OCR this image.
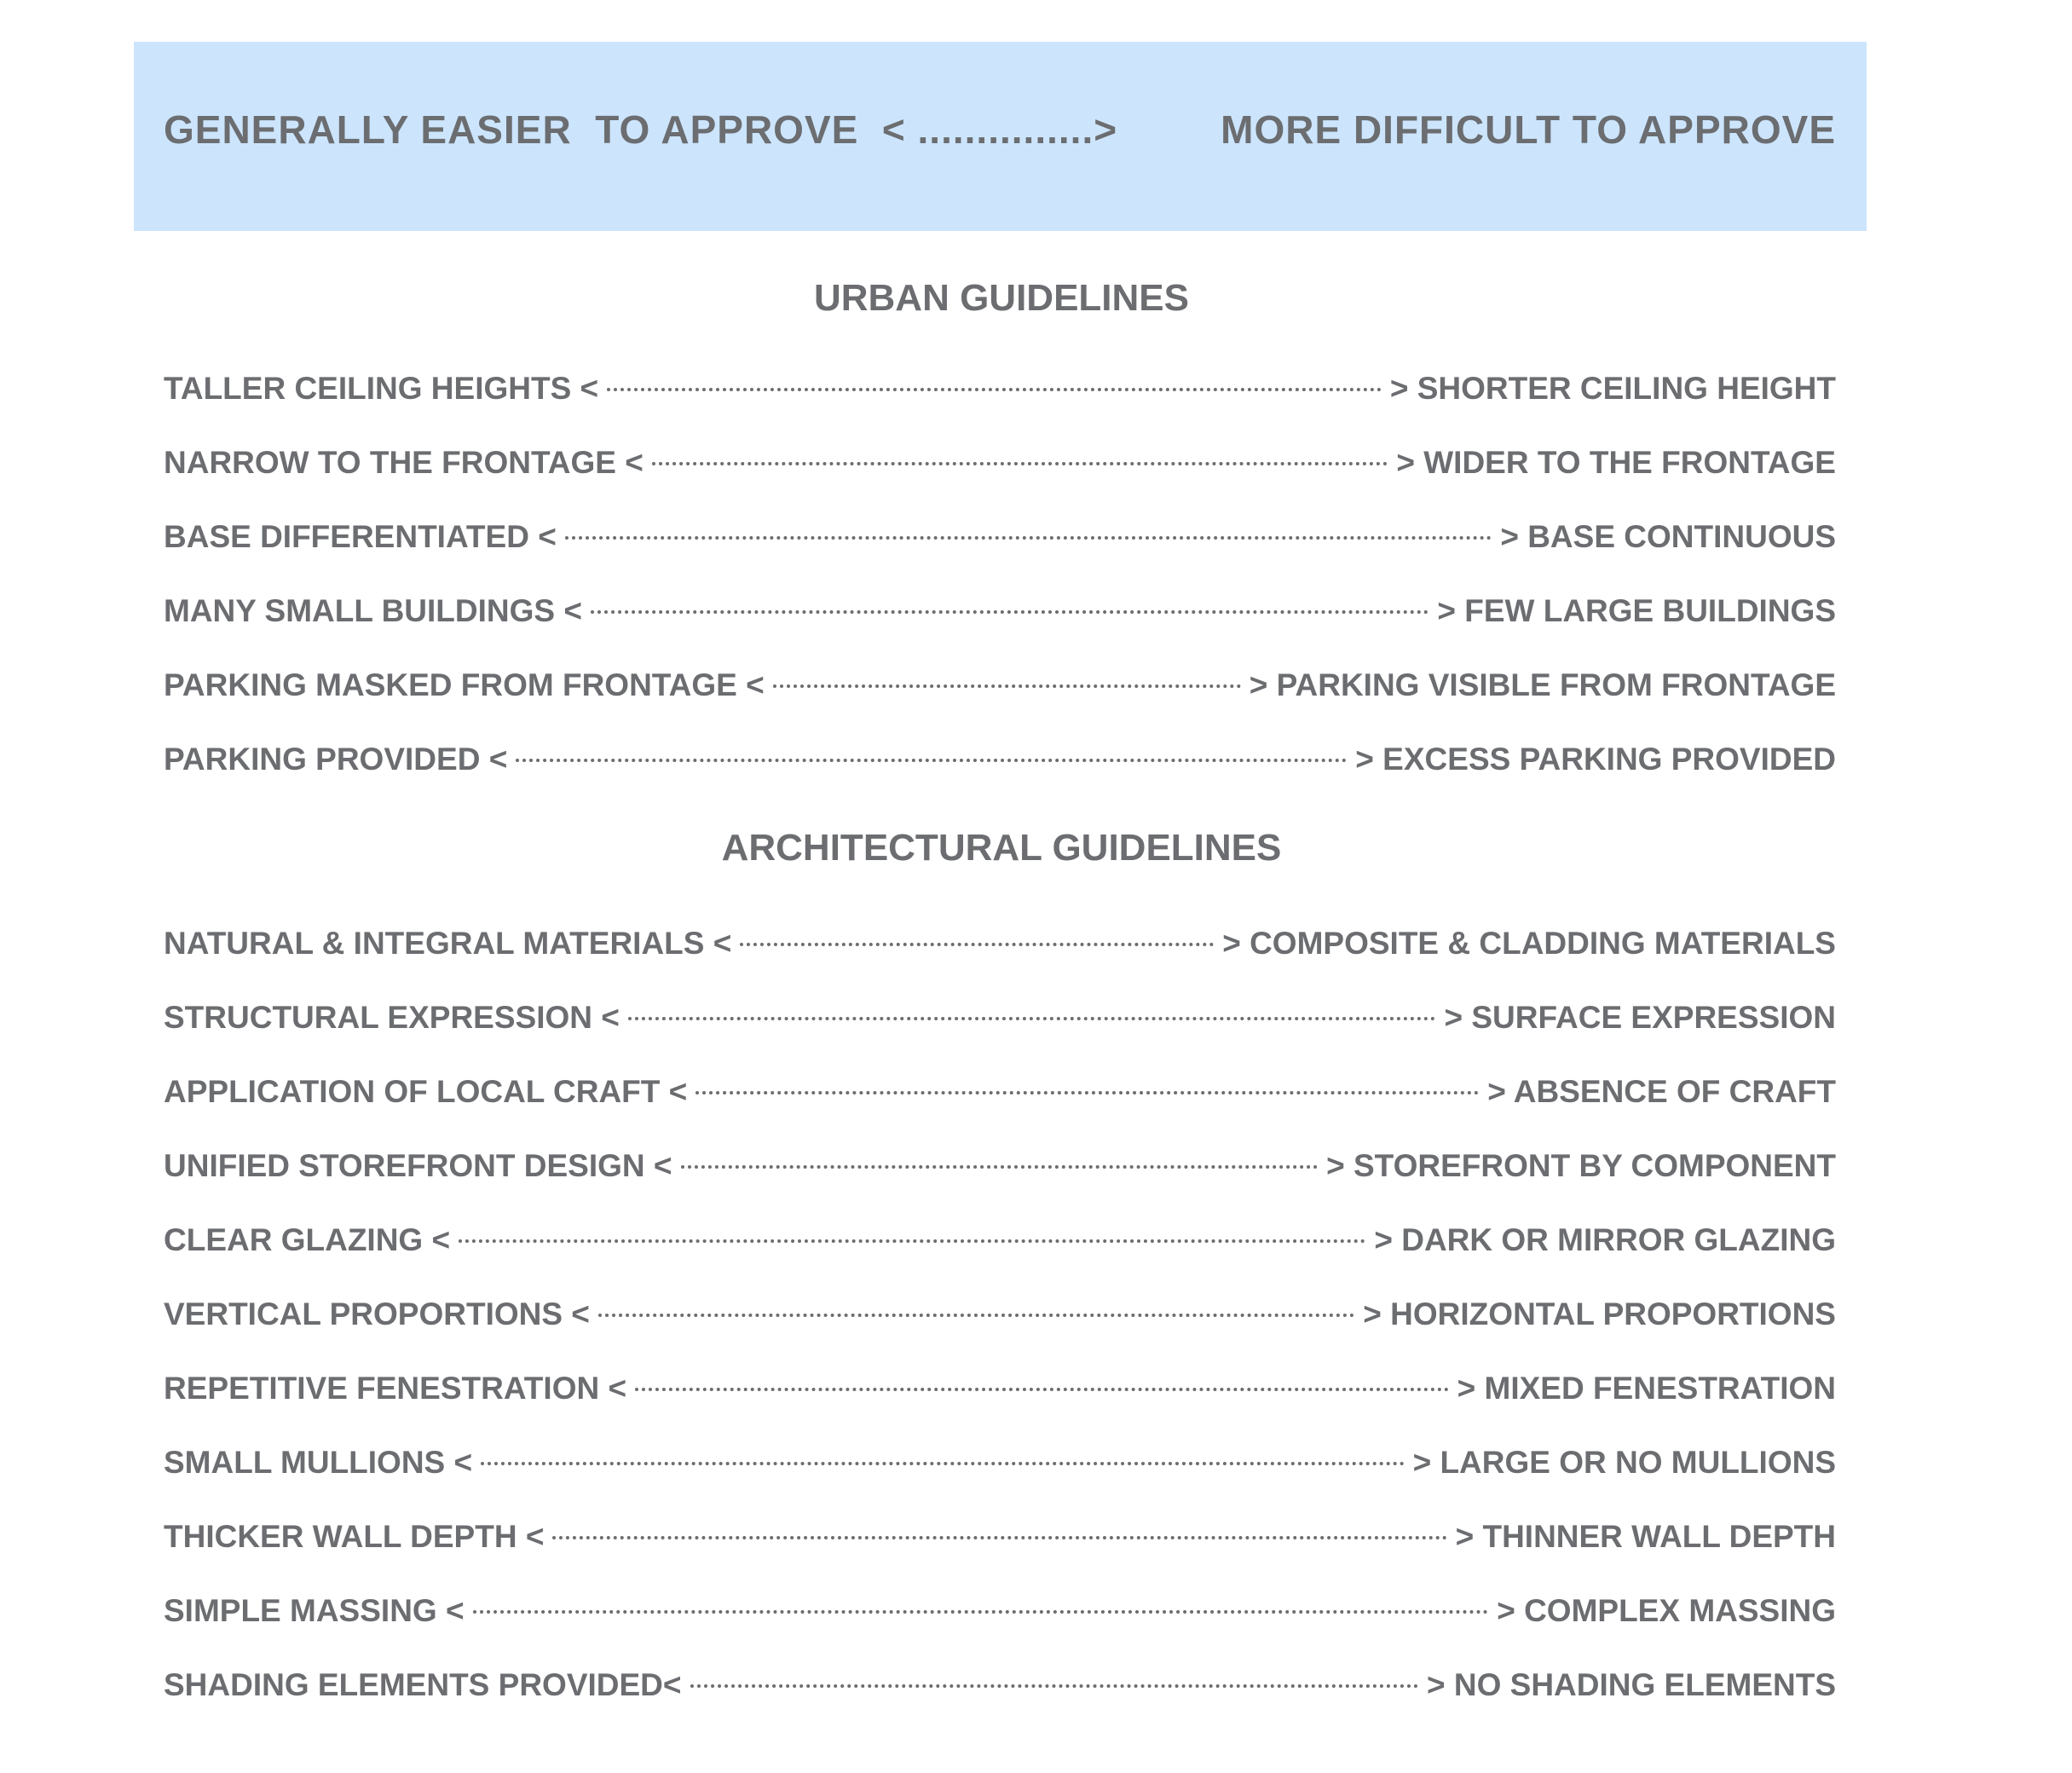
GENERALLY EASIER  TO APPROVE < ...............>	MORE DIFFICULT TO APPROVE
URBAN GUIDELINES
TALLER CEILING HEIGHTS <	> SHORTER CEILING HEIGHT
NARROW TO THE FRONTAGE <	> WIDER TO THE FRONTAGE
BASE DIFFERENTIATED <	> BASE CONTINUOUS
MANY SMALL BUILDINGS <	> FEW LARGE BUILDINGS
PARKING MASKED FROM FRONTAGE <	> PARKING VISIBLE FROM FRONTAGE
PARKING PROVIDED <	> EXCESS PARKING PROVIDED
ARCHITECTURAL GUIDELINES
NATURAL & INTEGRAL MATERIALS <	> COMPOSITE & CLADDING MATERIALS
STRUCTURAL EXPRESSION <	> SURFACE EXPRESSION
APPLICATION OF LOCAL CRAFT <	> ABSENCE OF CRAFT
UNIFIED STOREFRONT DESIGN <	> STOREFRONT BY COMPONENT
CLEAR GLAZING <	> DARK OR MIRROR GLAZING
VERTICAL PROPORTIONS <	> HORIZONTAL PROPORTIONS
REPETITIVE FENESTRATION <	> MIXED FENESTRATION
SMALL MULLIONS <	> LARGE OR NO MULLIONS
THICKER WALL DEPTH <	> THINNER WALL DEPTH
SIMPLE MASSING <	> COMPLEX MASSING
SHADING ELEMENTS PROVIDED<	> NO SHADING ELEMENTS
